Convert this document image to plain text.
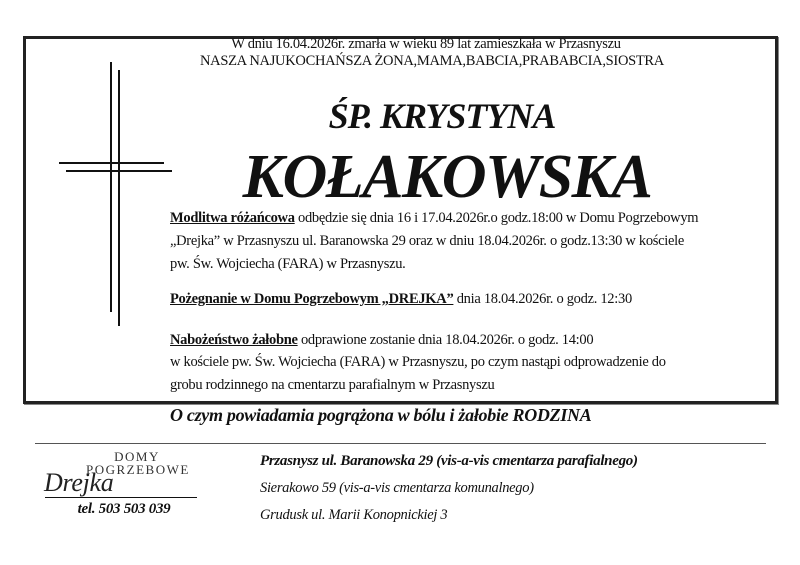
W dniu 16.04.2026r. zmarła w wieku 89 lat zamieszkała w Przasnyszu
NASZA NAJUKOCHAŃSZA ŻONA,MAMA,BABCIA,PRABABCIA,SIOSTRA
ŚP. KRYSTYNA
KOŁAKOWSKA
Modlitwa różańcowa odbędzie się dnia 16 i 17.04.2026r.o godz.18:00 w Domu Pogrzebowym
„Drejka” w Przasnyszu ul. Baranowska 29 oraz w dniu 18.04.2026r. o godz.13:30 w kościele
pw. Św. Wojciecha (FARA) w Przasnyszu.
Pożegnanie w Domu Pogrzebowym „DREJKA” dnia 18.04.2026r. o godz. 12:30
Nabożeństwo żałobne odprawione zostanie dnia 18.04.2026r. o godz. 14:00
w kościele pw. Św. Wojciecha (FARA) w Przasnyszu, po czym nastąpi odprowadzenie do
grobu rodzinnego na cmentarzu parafialnym w Przasnyszu
O czym powiadamia pogrążona w bólu i żałobie RODZINA
DOMY
POGRZEBOWE
Drejka
tel. 503 503 039
Przasnysz ul. Baranowska 29 (vis-a-vis cmentarza parafialnego)
Sierakowo 59 (vis-a-vis cmentarza komunalnego)
Grudusk ul. Marii Konopnickiej 3
